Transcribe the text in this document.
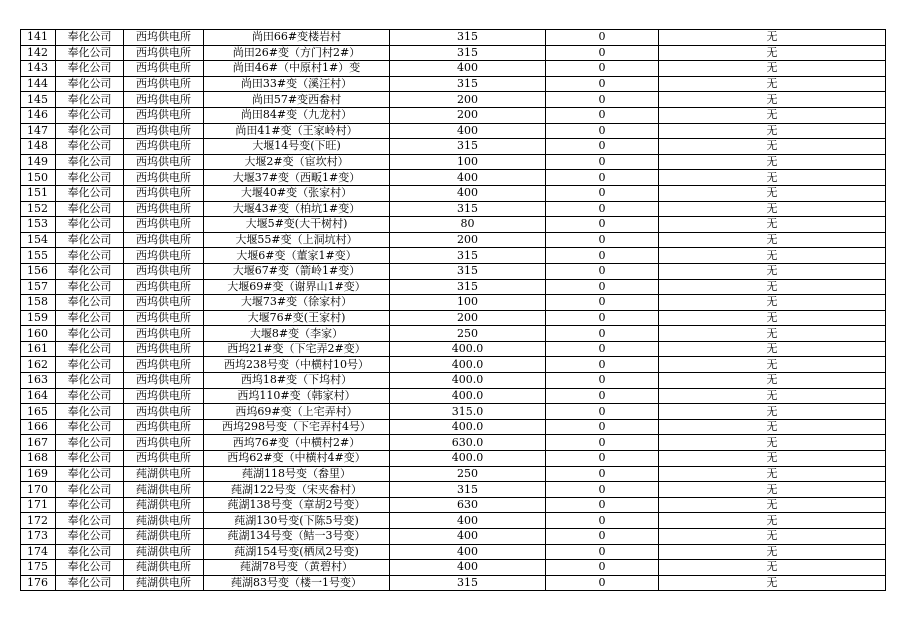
141	奉化公司	西坞供电所	尚田66#变楼岩村	315	0	无
142	奉化公司	西坞供电所	尚田26#变（方门村2#）	315	0	无
143	奉化公司	西坞供电所	尚田46#（中原村1#）变	400	0	无
144	奉化公司	西坞供电所	尚田33#变（溪汪村）	315	0	无
145	奉化公司	西坞供电所	尚田57#变西畚村	200	0	无
146	奉化公司	西坞供电所	尚田84#变（九龙村）	200	0	无
147	奉化公司	西坞供电所	尚田41#变（王家岭村）	400	0	无
148	奉化公司	西坞供电所	大堰14号变(下旺)	315	0	无
149	奉化公司	西坞供电所	大堰2#变（宦坎村）	100	0	无
150	奉化公司	西坞供电所	大堰37#变（西畈1#变）	400	0	无
151	奉化公司	西坞供电所	大堰40#变（张家村）	400	0	无
152	奉化公司	西坞供电所	大堰43#变（柏坑1#变）	315	0	无
153	奉化公司	西坞供电所	大堰5#变(大干树村)	80	0	无
154	奉化公司	西坞供电所	大堰55#变（上洞坑村）	200	0	无
155	奉化公司	西坞供电所	大堰6#变（董家1#变）	315	0	无
156	奉化公司	西坞供电所	大堰67#变（箭岭1#变）	315	0	无
157	奉化公司	西坞供电所	大堰69#变（谢界山1#变）	315	0	无
158	奉化公司	西坞供电所	大堰73#变（徐家村）	100	0	无
159	奉化公司	西坞供电所	大堰76#变(王家村)	200	0	无
160	奉化公司	西坞供电所	大堰8#变（李家）	250	0	无
161	奉化公司	西坞供电所	西坞21#变（下宅弄2#变）	400.0	0	无
162	奉化公司	西坞供电所	西坞238号变（中横村10号）	400.0	0	无
163	奉化公司	西坞供电所	西坞18#变（下坞村）	400.0	0	无
164	奉化公司	西坞供电所	西坞110#变（韩家村）	400.0	0	无
165	奉化公司	西坞供电所	西坞69#变（上宅弄村）	315.0	0	无
166	奉化公司	西坞供电所	西坞298号变（下宅弄村4号）	400.0	0	无
167	奉化公司	西坞供电所	西坞76#变（中横村2#）	630.0	0	无
168	奉化公司	西坞供电所	西坞62#变（中横村4#变）	400.0	0	无
169	奉化公司	莼湖供电所	莼湖118号变（畚里）	250	0	无
170	奉化公司	莼湖供电所	莼湖122号变（宋夹畚村）	315	0	无
171	奉化公司	莼湖供电所	莼湖138号变（章胡2号变）	630	0	无
172	奉化公司	莼湖供电所	莼湖130号变(下陈5号变)	400	0	无
173	奉化公司	莼湖供电所	莼湖134号变（鲒一3号变）	400	0	无
174	奉化公司	莼湖供电所	莼湖154号变(栖凤2号变)	400	0	无
175	奉化公司	莼湖供电所	莼湖78号变（黄碧村）	400	0	无
176	奉化公司	莼湖供电所	莼湖83号变（楼一1号变）	315	0	无
